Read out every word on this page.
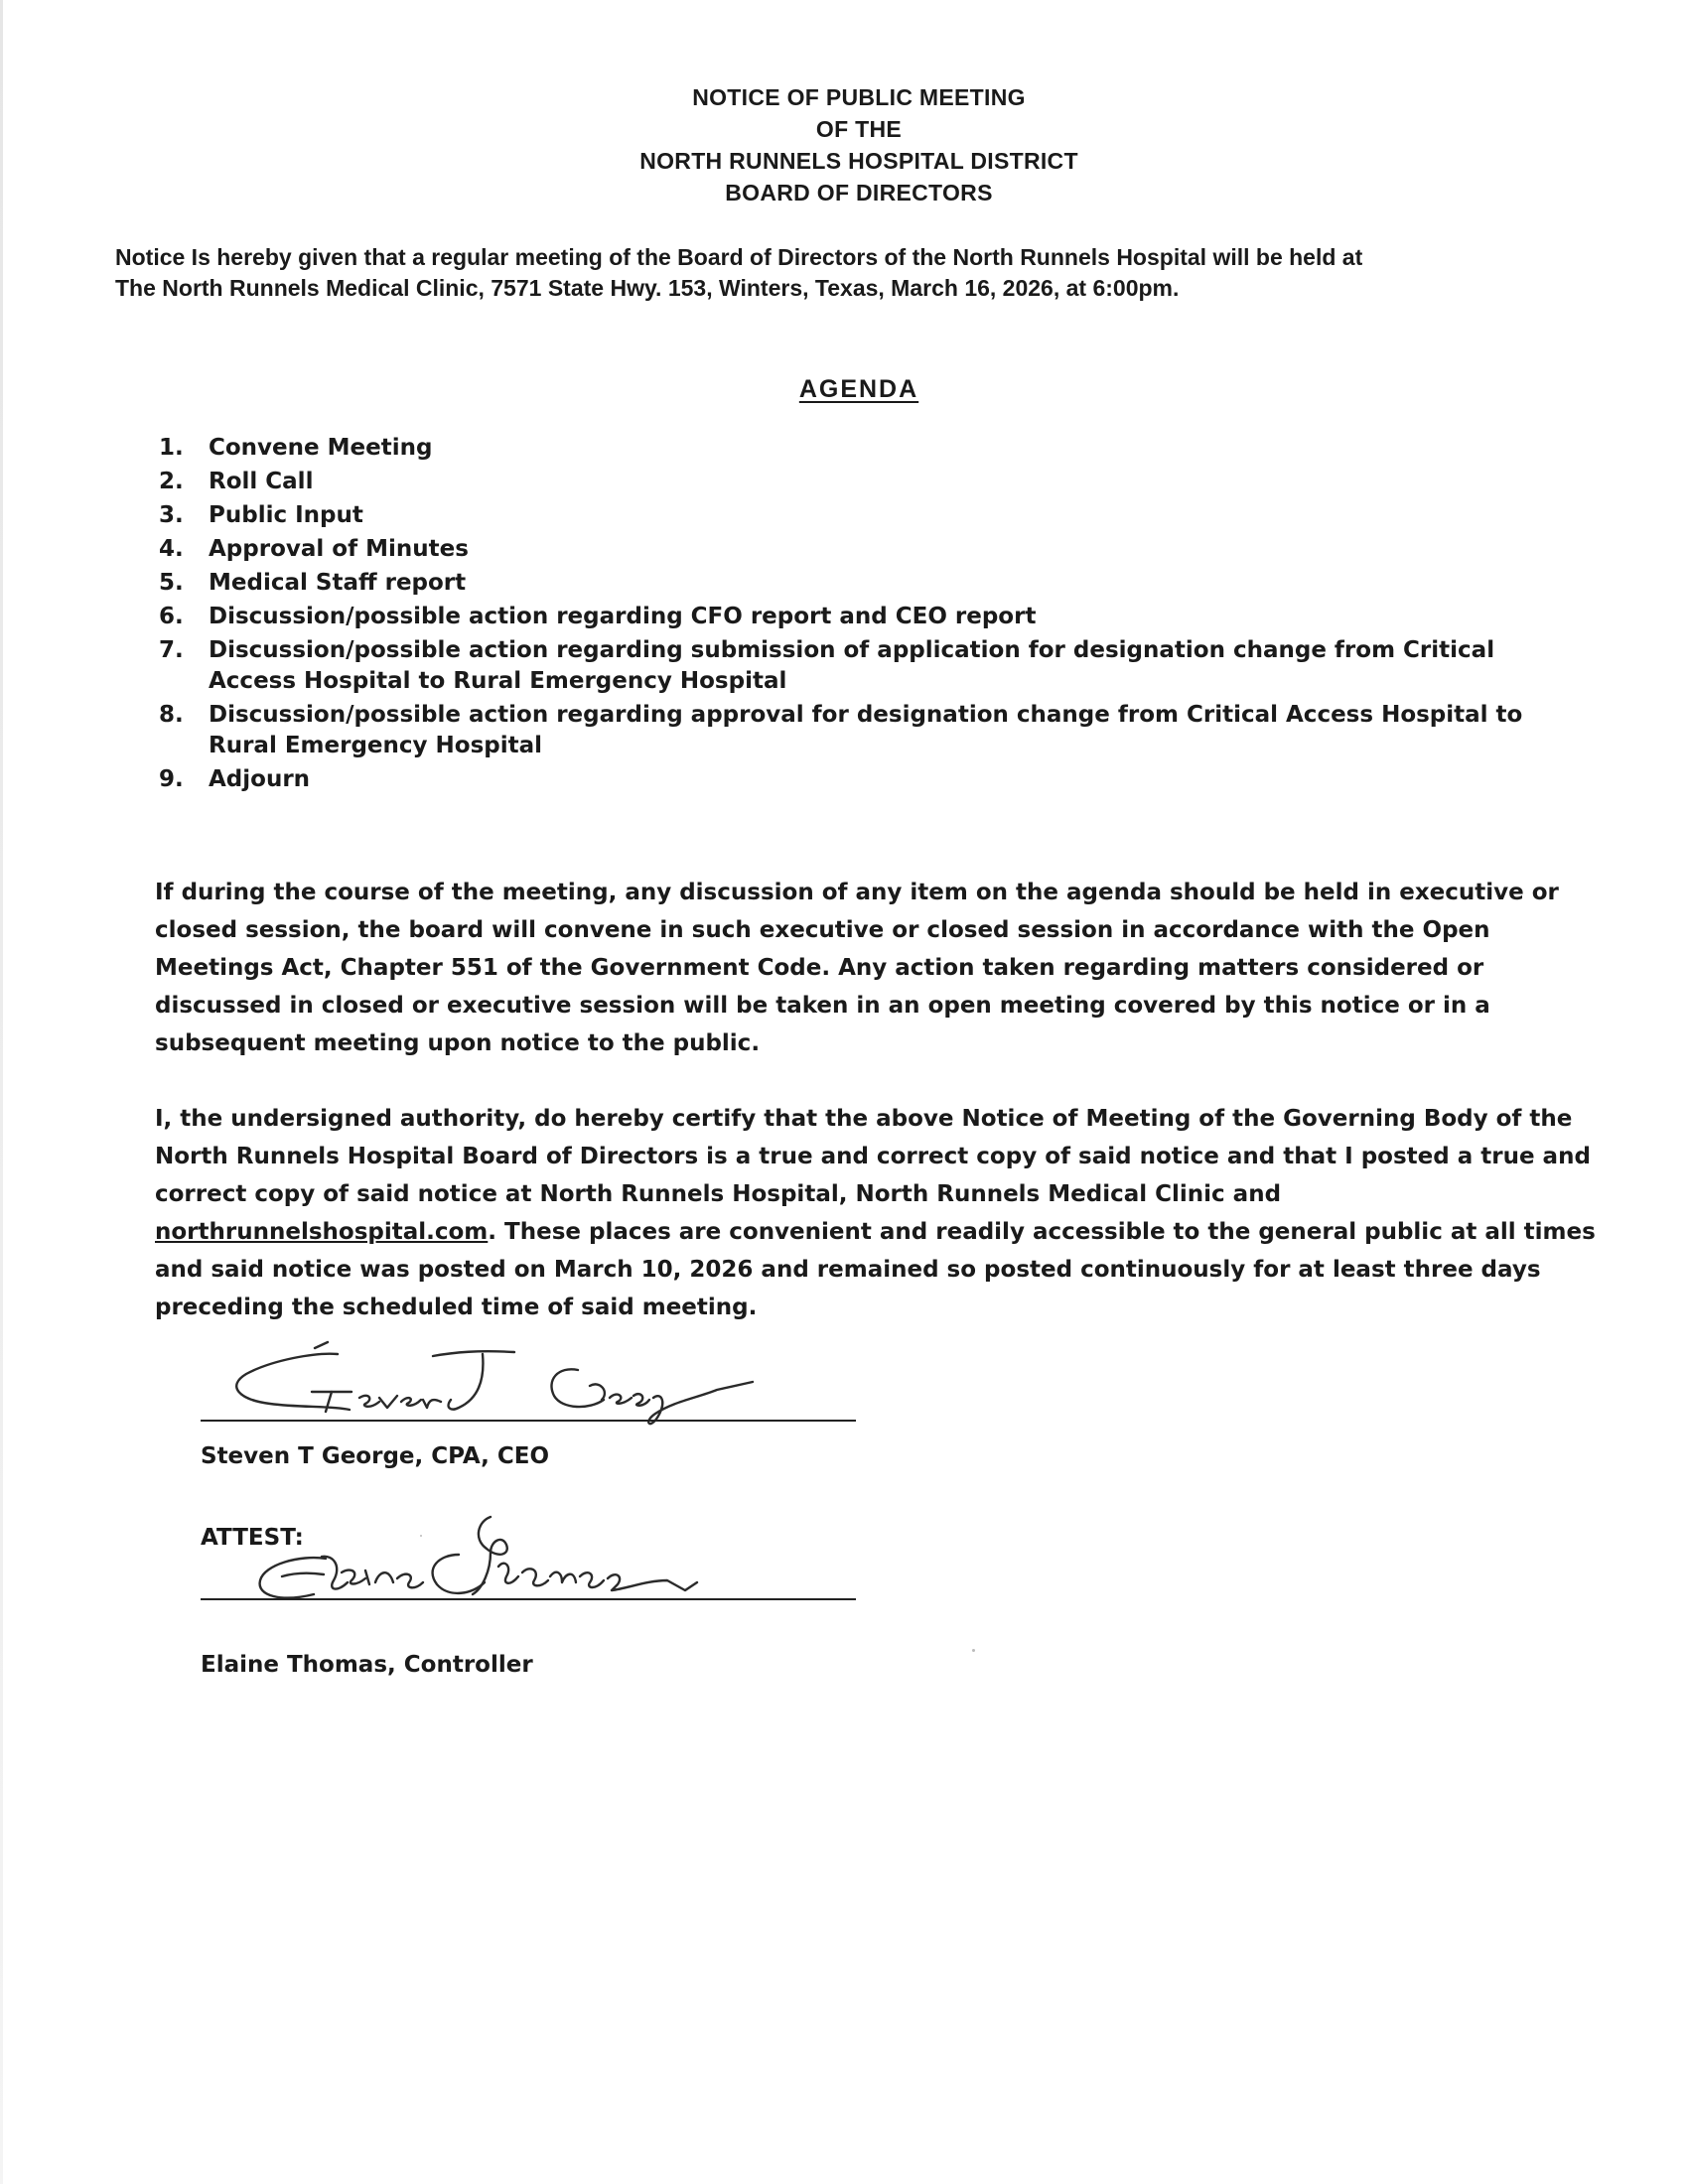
NOTICE OF PUBLIC MEETING
OF THE
NORTH RUNNELS HOSPITAL DISTRICT
BOARD OF DIRECTORS

Notice Is hereby given that a regular meeting of the Board of Directors of the North Runnels Hospital will be held at

The North Runnels Medical Clinic, 7571 State Hwy. 153, Winters, Texas, March 16, 2026, at 6:00pm.

AGENDA
1.	Convene Meeting
2.	Roll Call
3.	Public Input
4.	Approval of Minutes
5.	Medical Staff report
6.	Discussion/possible action regarding CFO report and CEO report
7.	Discussion/possible action regarding submission of application for designation change from Critical Access Hospital to Rural Emergency Hospital
8.	Discussion/possible action regarding approval for designation change from Critical Access Hospital to Rural Emergency Hospital
9.	Adjourn

If during the course of the meeting, any discussion of any item on the agenda should be held in executive or closed session, the board will convene in such executive or closed session in accordance with the Open Meetings Act, Chapter 551 of the Government Code. Any action taken regarding matters considered or discussed in closed or executive session will be taken in an open meeting covered by this notice or in a subsequent meeting upon notice to the public.

I, the undersigned authority, do hereby certify that the above Notice of Meeting of the Governing Body of the North Runnels Hospital Board of Directors is a true and correct copy of said notice and that I posted a true and correct copy of said notice at North Runnels Hospital, North Runnels Medical Clinic and northrunnelshospital.com. These places are convenient and readily accessible to the general public at all times and said notice was posted on March 10, 2026 and remained so posted continuously for at least three days preceding the scheduled time of said meeting.

Steven T George, CPA, CEO
ATTEST:
Elaine Thomas, Controller
